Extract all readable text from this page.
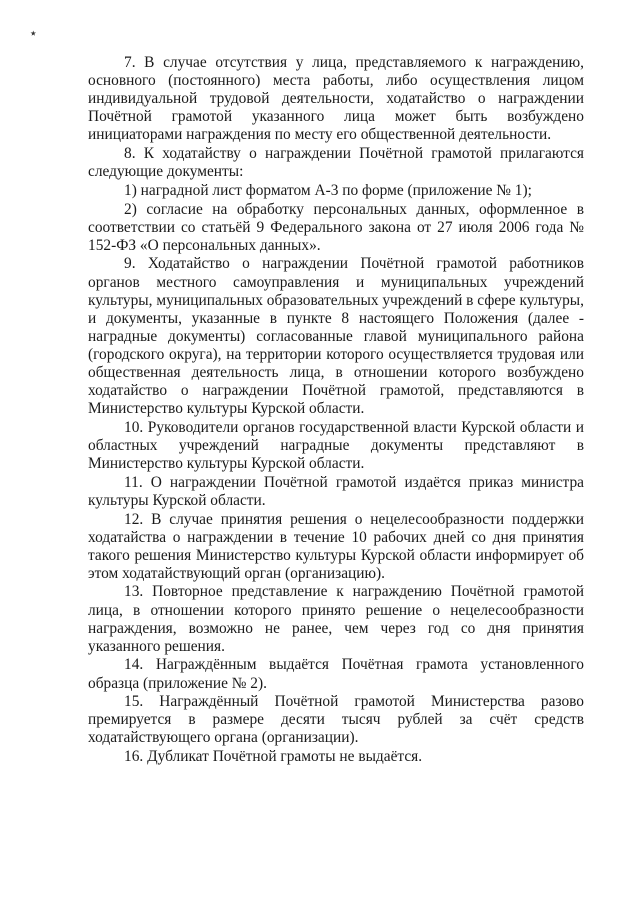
٭

7. В случае отсутствия у лица, представляемого к награждению, основного (постоянного) места работы, либо осуществления лицом индивидуальной трудовой деятельности, ходатайство о награждении Почётной грамотой указанного лица может быть возбуждено инициаторами награждения по месту его общественной деятельности.

8. К ходатайству о награждении Почётной грамотой прилагаются следующие документы:

1) наградной лист форматом А-3 по форме (приложение № 1);

2) согласие на обработку персональных данных, оформленное в соответствии со статьёй 9 Федерального закона от 27 июля 2006 года № 152-ФЗ «О персональных данных».

9. Ходатайство о награждении Почётной грамотой работников органов местного самоуправления и муниципальных учреждений культуры, муниципальных образовательных учреждений в сфере культуры, и документы, указанные в пункте 8 настоящего Положения (далее - наградные документы) согласованные главой муниципального района (городского округа), на территории которого осуществляется трудовая или общественная деятельность лица, в отношении которого возбуждено ходатайство о награждении Почётной грамотой, представляются в Министерство культуры Курской области.

10. Руководители органов государственной власти Курской области и областных учреждений наградные документы представляют в Министерство культуры Курской области.

11. О награждении Почётной грамотой издаётся приказ министра культуры Курской области.

12. В случае принятия решения о нецелесообразности поддержки ходатайства о награждении в течение 10 рабочих дней со дня принятия такого решения Министерство культуры Курской области информирует об этом ходатайствующий орган (организацию).

13. Повторное представление к награждению Почётной грамотой лица, в отношении которого принято решение о нецелесообразности награждения, возможно не ранее, чем через год со дня принятия указанного решения.

14. Награждённым выдаётся Почётная грамота установленного образца (приложение № 2).

15. Награждённый Почётной грамотой Министерства разово премируется в размере десяти тысяч рублей за счёт средств ходатайствующего органа (организации).

16. Дубликат Почётной грамоты не выдаётся.
